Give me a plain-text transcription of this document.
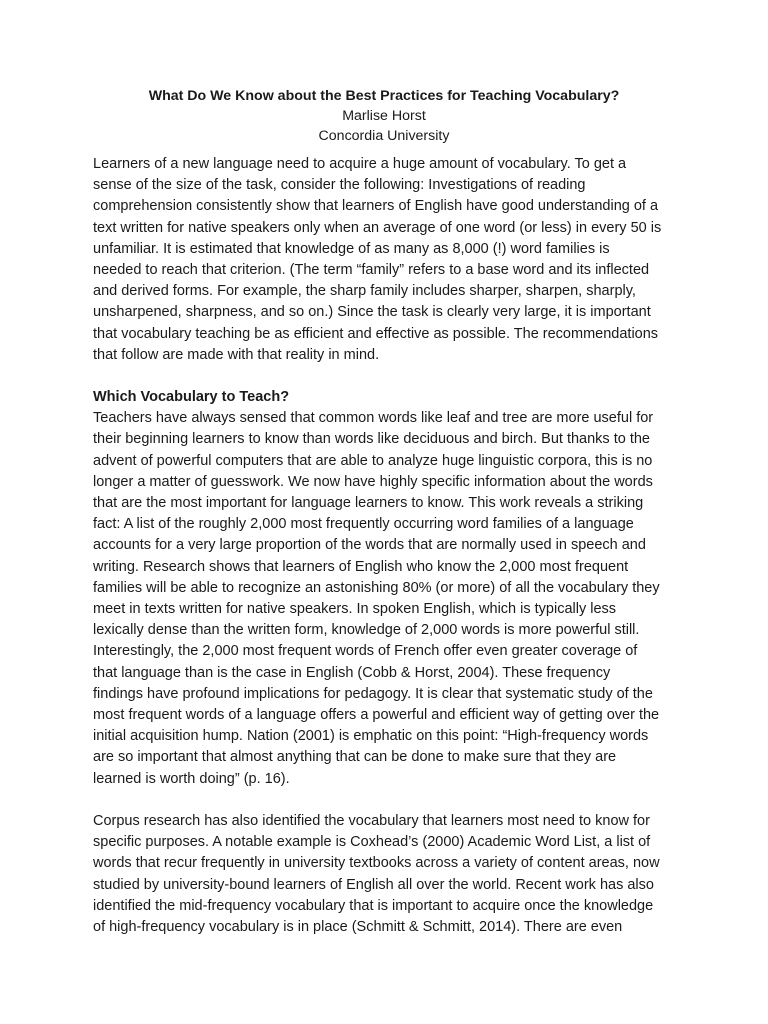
What Do We Know about the Best Practices for Teaching Vocabulary?
Marlise Horst
Concordia University

Learners of a new language need to acquire a huge amount of vocabulary. To get a
sense of the size of the task, consider the following: Investigations of reading
comprehension consistently show that learners of English have good understanding of a
text written for native speakers only when an average of one word (or less) in every 50 is
unfamiliar. It is estimated that knowledge of as many as 8,000 (!) word families is
needed to reach that criterion. (The term “family” refers to a base word and its inflected
and derived forms. For example, the sharp family includes sharper, sharpen, sharply,
unsharpened, sharpness, and so on.) Since the task is clearly very large, it is important
that vocabulary teaching be as efficient and effective as possible. The recommendations
that follow are made with that reality in mind.

Which Vocabulary to Teach?

Teachers have always sensed that common words like leaf and tree are more useful for
their beginning learners to know than words like deciduous and birch. But thanks to the
advent of powerful computers that are able to analyze huge linguistic corpora, this is no
longer a matter of guesswork. We now have highly specific information about the words
that are the most important for language learners to know. This work reveals a striking
fact: A list of the roughly 2,000 most frequently occurring word families of a language
accounts for a very large proportion of the words that are normally used in speech and
writing. Research shows that learners of English who know the 2,000 most frequent
families will be able to recognize an astonishing 80% (or more) of all the vocabulary they
meet in texts written for native speakers. In spoken English, which is typically less
lexically dense than the written form, knowledge of 2,000 words is more powerful still.
Interestingly, the 2,000 most frequent words of French offer even greater coverage of
that language than is the case in English (Cobb & Horst, 2004). These frequency
findings have profound implications for pedagogy. It is clear that systematic study of the
most frequent words of a language offers a powerful and efficient way of getting over the
initial acquisition hump. Nation (2001) is emphatic on this point: “High-frequency words
are so important that almost anything that can be done to make sure that they are
learned is worth doing” (p. 16).

Corpus research has also identified the vocabulary that learners most need to know for
specific purposes. A notable example is Coxhead’s (2000) Academic Word List, a list of
words that recur frequently in university textbooks across a variety of content areas, now
studied by university-bound learners of English all over the world. Recent work has also
identified the mid-frequency vocabulary that is important to acquire once the knowledge
of high-frequency vocabulary is in place (Schmitt & Schmitt, 2014). There are even
